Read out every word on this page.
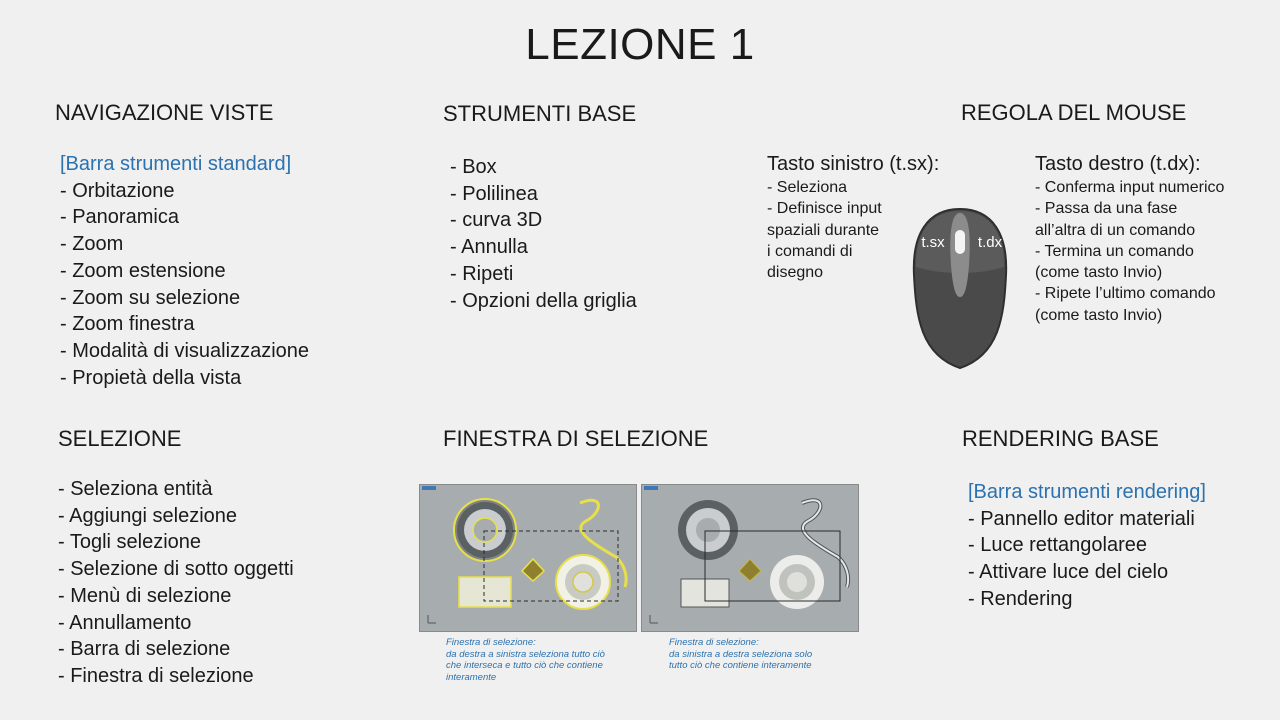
LEZIONE 1
NAVIGAZIONE VISTE
[Barra strumenti standard]
- Orbitazione
- Panoramica
- Zoom
- Zoom estensione
- Zoom su selezione
- Zoom finestra
- Modalità di visualizzazione
- Propietà della vista
STRUMENTI BASE
- Box
- Polilinea
- curva 3D
- Annulla
- Ripeti
- Opzioni della griglia
REGOLA DEL MOUSE
Tasto sinistro (t.sx):
- Seleziona
- Definisce input
spaziali durante
i comandi di
disegno
Tasto destro (t.dx):
- Conferma input numerico
- Passa da una fase
all’altra di un comando
- Termina un comando
(come tasto Invio)
- Ripete l’ultimo comando
(come tasto Invio)
t.sx t.dx
SELEZIONE
- Seleziona entità
- Aggiungi selezione
- Togli selezione
- Selezione di sotto oggetti
- Menù di selezione
- Annullamento
- Barra di selezione
- Finestra di selezione
FINESTRA DI SELEZIONE
Finestra di selezione:
da destra a sinistra seleziona tutto ciò
che interseca e tutto ciò che contiene
interamente
Finestra di selezione:
da sinistra a destra seleziona solo
tutto ciò che contiene interamente
RENDERING BASE
[Barra strumenti rendering]
- Pannello editor materiali
- Luce rettangolaree
- Attivare luce del cielo
- Rendering
